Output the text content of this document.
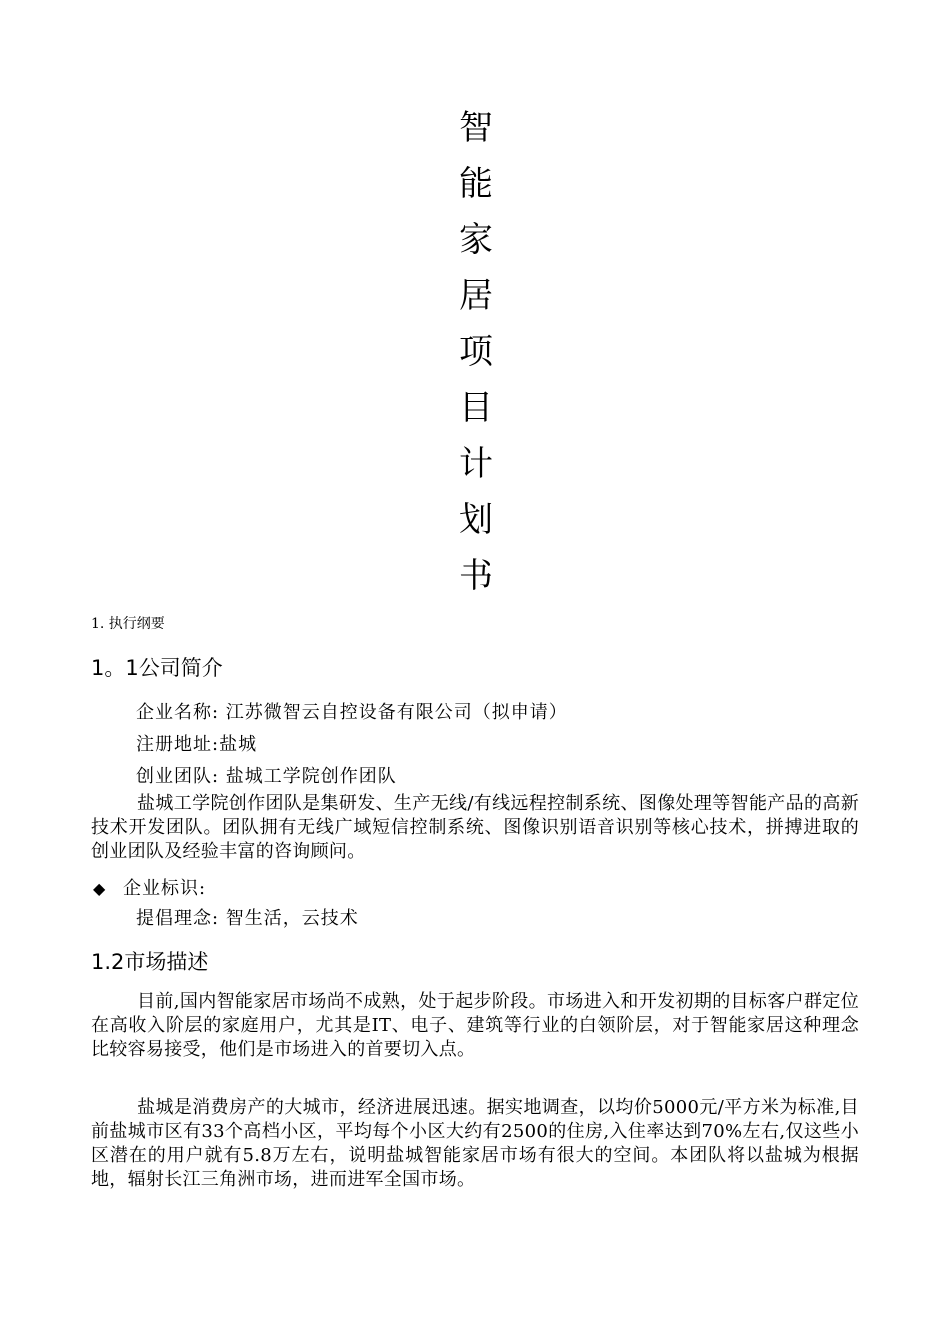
智
能
家
居
项
目
计
划
书
1. 执行纲要
1。1公司简介
企业名称: 江苏微智云自控设备有限公司（拟申请）
注册地址:盐城
创业团队: 盐城工学院创作团队
盐城工学院创作团队是集研发、生产无线/有线远程控制系统、图像处理等智能产品的高新技术开发团队。团队拥有无线广域短信控制系统、图像识别语音识别等核心技术，拼搏进取的创业团队及经验丰富的咨询顾问。
◆ 企业标识:
提倡理念: 智生活，云技术
1.2市场描述
目前,国内智能家居市场尚不成熟，处于起步阶段。市场进入和开发初期的目标客户群定位在高收入阶层的家庭用户，尤其是IT、电子、建筑等行业的白领阶层，对于智能家居这种理念比较容易接受，他们是市场进入的首要切入点。
盐城是消费房产的大城市，经济进展迅速。据实地调查，以均价5000元/平方米为标准,目前盐城市区有33个高档小区，平均每个小区大约有2500的住房,入住率达到70%左右,仅这些小区潜在的用户就有5.8万左右，说明盐城智能家居市场有很大的空间。本团队将以盐城为根据地，辐射长江三角洲市场，进而进军全国市场。
